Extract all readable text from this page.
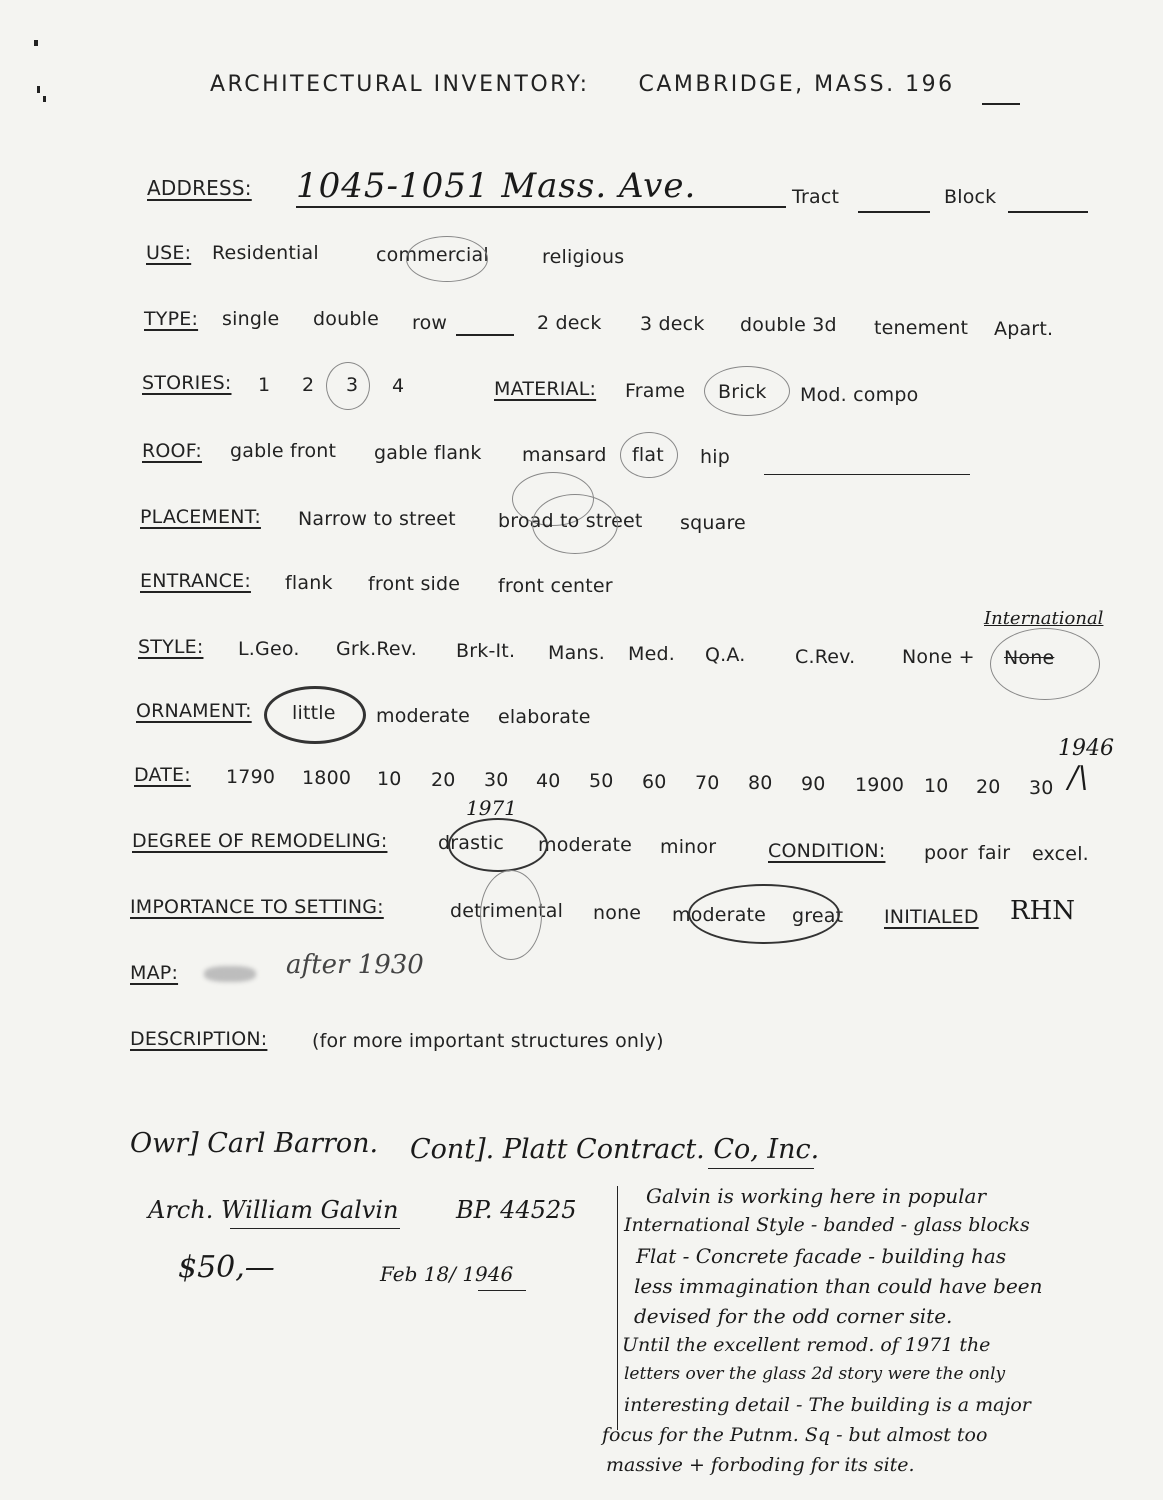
ARCHITECTURAL INVENTORY: CAMBRIDGE, MASS. 196
ADDRESS: 1045-1051 Mass. Ave.	Tract	Block
USE: Residential	commercial	religious
TYPE: single double row	2 deck 3 deck double 3d tenement Apart.
STORIES: 1 2 3 4	MATERIAL: Frame Brick Mod. compo
ROOF: gable front gable flank mansard flat hip
PLACEMENT: Narrow to street broad to street square
ENTRANCE: flank front side front center
STYLE: L.Geo. Grk.Rev. Brk-It. Mans. Med. Q.A.	C.Rev. None + None
International
ORNAMENT: little moderate elaborate
DATE: 1790 1800 10 20 30 40 50 60 70 80 90 1900 10 20 30
1946
/\
1971
DEGREE OF REMODELING:	drastic moderate minor	CONDITION: poor fair excel.
IMPORTANCE TO SETTING:	detrimental none moderate great INITIALED RHN
MAP:	after 1930
DESCRIPTION: (for more important structures only)
Owr] Carl Barron. Cont]. Platt Contract. Co, Inc.
Arch. William Galvin BP. 44525
$50,—	Feb 18/ 1946
Galvin is working here in popular
International Style - banded - glass blocks
Flat - Concrete facade - building has
less immagination than could have been
devised for the odd corner site.
Until the excellent remod. of 1971 the
letters over the glass 2d story were the only
interesting detail - The building is a major
focus for the Putnm. Sq - but almost too
massive + forboding for its site.
